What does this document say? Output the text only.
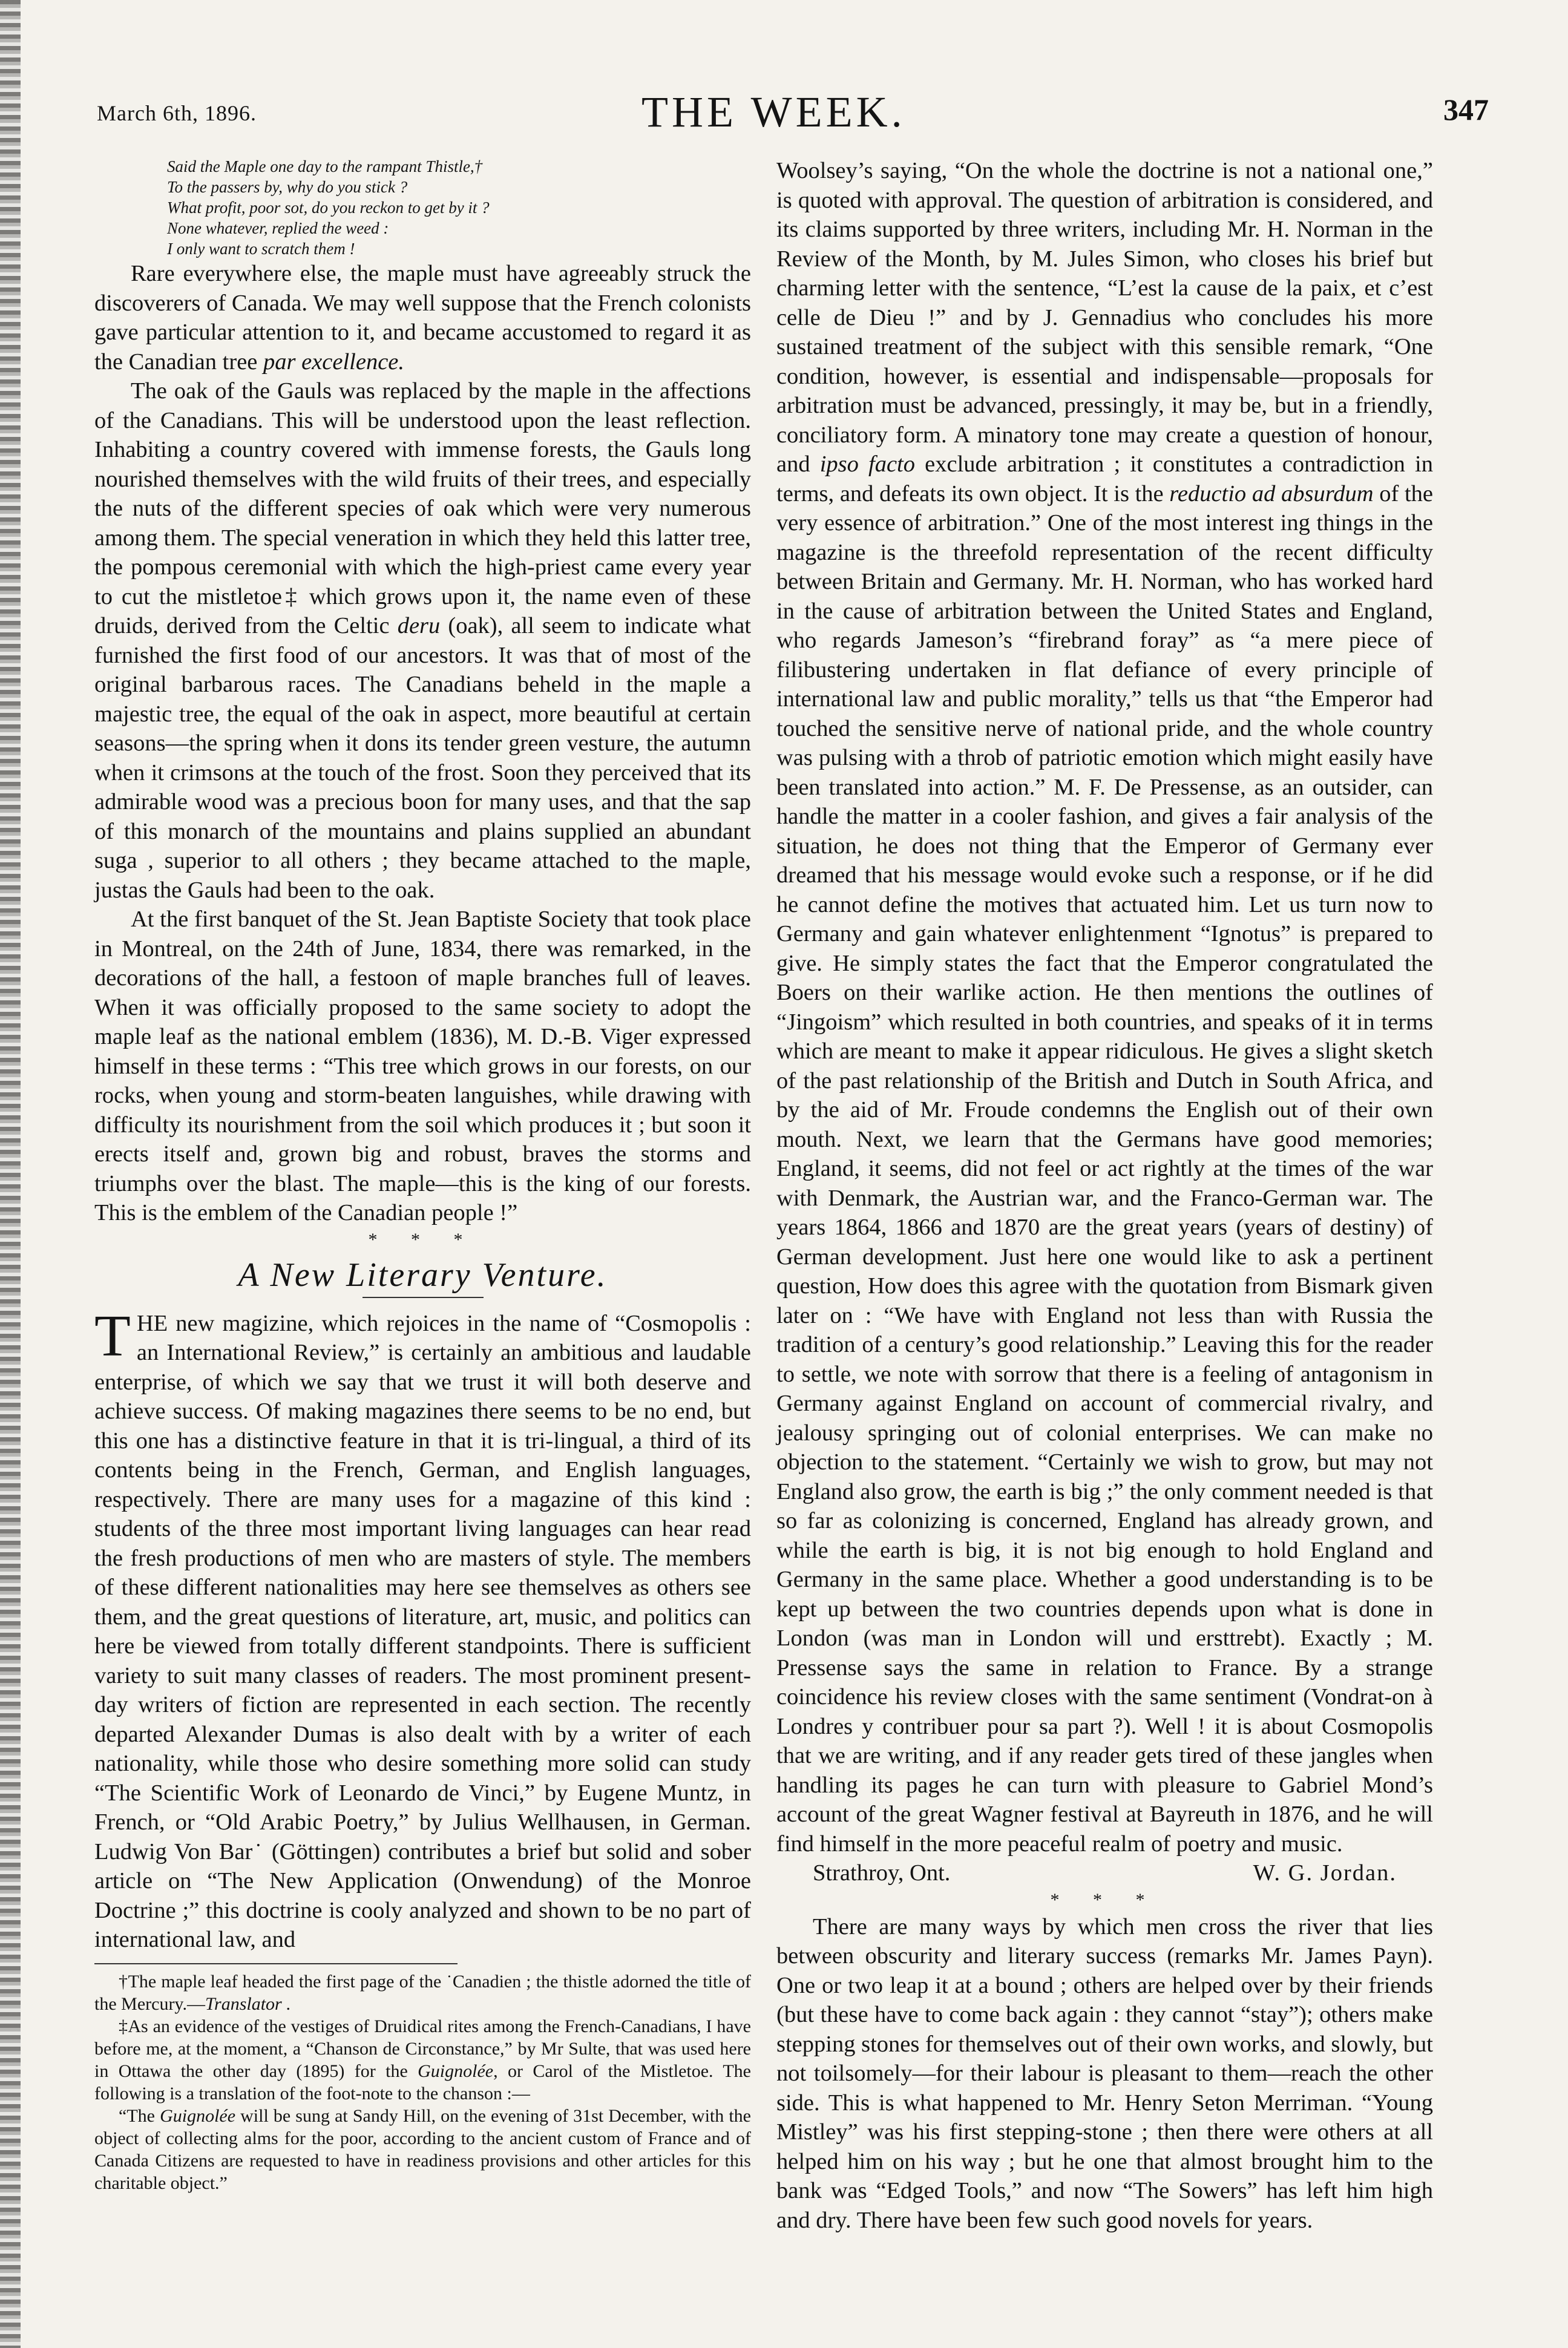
March 6th, 1896.	THE WEEK.	347
Said the Maple one day to the rampant Thistle,†
To the passers by, why do you stick ?
What profit, poor sot, do you reckon to get by it ?
None whatever, replied the weed :
I only want to scratch them !

Rare everywhere else, the maple must have agreeably struck the discoverers of Canada. We may well suppose that the French colonists gave particular attention to it, and became accustomed to regard it as the Canadian tree par excellence.

The oak of the Gauls was replaced by the maple in the affections of the Canadians. This will be understood upon the least reflection. Inhabiting a country covered with immense forests, the Gauls long nourished themselves with the wild fruits of their trees, and especially the nuts of the different species of oak which were very numerous among them. The special veneration in which they held this latter tree, the pompous ceremonial with which the high-priest came every year to cut the mistletoe‡ which grows upon it, the name even of these druids, derived from the Celtic deru (oak), all seem to indicate what furnished the first food of our ancestors. It was that of most of the original barbarous races. The Canadians beheld in the maple a majestic tree, the equal of the oak in aspect, more beautiful at certain seasons—the spring when it dons its tender green vesture, the autumn when it crimsons at the touch of the frost. Soon they perceived that its admirable wood was a precious boon for many uses, and that the sap of this monarch of the mountains and plains supplied an abundant suga , superior to all others ; they became attached to the maple, justas the Gauls had been to the oak.

At the first banquet of the St. Jean Baptiste Society that took place in Montreal, on the 24th of June, 1834, there was remarked, in the decorations of the hall, a festoon of maple branches full of leaves. When it was officially proposed to the same society to adopt the maple leaf as the national emblem (1836), M. D.-B. Viger expressed himself in these terms : “This tree which grows in our forests, on our rocks, when young and storm-beaten languishes, while drawing with difficulty its nourishment from the soil which produces it ; but soon it erects itself and, grown big and robust, braves the storms and triumphs over the blast. The maple—this is the king of our forests. This is the emblem of the Canadian people !”

* * *
A New Literary Venture.

THE new magizine, which rejoices in the name of “Cosmopolis : an International Review,” is certainly an ambitious and laudable enterprise, of which we say that we trust it will both deserve and achieve success. Of making magazines there seems to be no end, but this one has a distinctive feature in that it is tri-lingual, a third of its contents being in the French, German, and English languages, respectively. There are many uses for a magazine of this kind : students of the three most important living languages can hear read the fresh productions of men who are masters of style. The members of these different nationalities may here see themselves as others see them, and the great questions of literature, art, music, and politics can here be viewed from totally different standpoints. There is sufficient variety to suit many classes of readers. The most prominent present-day writers of fiction are represented in each section. The recently departed Alexander Dumas is also dealt with by a writer of each nationality, while those who desire something more solid can study “The Scientific Work of Leonardo de Vinci,” by Eugene Muntz, in French, or “Old Arabic Poetry,” by Julius Wellhausen, in German. Ludwig Von Bar˙ (Göttingen) contributes a brief but solid and sober article on “The New Application (Onwendung) of the Monroe Doctrine ;” this doctrine is cooly analyzed and shown to be no part of international law, and

†The maple leaf headed the first page of the ˙Canadien ; the thistle adorned the title of the Mercury.—Translator .

‡As an evidence of the vestiges of Druidical rites among the French-Canadians, I have before me, at the moment, a “Chanson de Circonstance,” by Mr Sulte, that was used here in Ottawa the other day (1895) for the Guignolée, or Carol of the Mistletoe. The following is a translation of the foot-note to the chanson :—

“The Guignolée will be sung at Sandy Hill, on the evening of 31st December, with the object of collecting alms for the poor, according to the ancient custom of France and of Canada Citizens are requested to have in readiness provisions and other articles for this charitable object.”

Woolsey’s saying, “On the whole the doctrine is not a national one,” is quoted with approval. The question of arbitration is considered, and its claims supported by three writers, including Mr. H. Norman in the Review of the Month, by M. Jules Simon, who closes his brief but charming letter with the sentence, “L’est la cause de la paix, et c’est celle de Dieu !” and by J. Gennadius who concludes his more sustained treatment of the subject with this sensible remark, “One condition, however, is essential and indispensable—proposals for arbitration must be advanced, pressingly, it may be, but in a friendly, conciliatory form. A minatory tone may create a question of honour, and ipso facto exclude arbitration ; it constitutes a contradiction in terms, and defeats its own object. It is the reductio ad absurdum of the very essence of arbitration.” One of the most interest ing things in the magazine is the threefold representation of the recent difficulty between Britain and Germany. Mr. H. Norman, who has worked hard in the cause of arbitration between the United States and England, who regards Jameson’s “firebrand foray” as “a mere piece of filibustering undertaken in flat defiance of every principle of international law and public morality,” tells us that “the Emperor had touched the sensitive nerve of national pride, and the whole country was pulsing with a throb of patriotic emotion which might easily have been translated into action.” M. F. De Pressense, as an outsider, can handle the matter in a cooler fashion, and gives a fair analysis of the situation, he does not thing that the Emperor of Germany ever dreamed that his message would evoke such a response, or if he did he cannot define the motives that actuated him. Let us turn now to Germany and gain whatever enlightenment “Ignotus” is prepared to give. He simply states the fact that the Emperor congratulated the Boers on their warlike action. He then mentions the outlines of “Jingoism” which resulted in both countries, and speaks of it in terms which are meant to make it appear ridiculous. He gives a slight sketch of the past relationship of the British and Dutch in South Africa, and by the aid of Mr. Froude condemns the English out of their own mouth. Next, we learn that the Germans have good memories; England, it seems, did not feel or act rightly at the times of the war with Denmark, the Austrian war, and the Franco-German war. The years 1864, 1866 and 1870 are the great years (years of destiny) of German development. Just here one would like to ask a pertinent question, How does this agree with the quotation from Bismark given later on : “We have with England not less than with Russia the tradition of a century’s good relationship.” Leaving this for the reader to settle, we note with sorrow that there is a feeling of antagonism in Germany against England on account of commercial rivalry, and jealousy springing out of colonial enterprises. We can make no objection to the statement. “Certainly we wish to grow, but may not England also grow, the earth is big ;” the only comment needed is that so far as colonizing is concerned, England has already grown, and while the earth is big, it is not big enough to hold England and Germany in the same place. Whether a good understanding is to be kept up between the two countries depends upon what is done in London (was man in London will und ersttrebt). Exactly ; M. Pressense says the same in relation to France. By a strange coincidence his review closes with the same sentiment (Vondrat-on à Londres y contribuer pour sa part ?). Well ! it is about Cosmopolis that we are writing, and if any reader gets tired of these jangles when handling its pages he can turn with pleasure to Gabriel Mond’s account of the great Wagner festival at Bayreuth in 1876, and he will find himself in the more peaceful realm of poetry and music.

Strathroy, Ont.	W. G. Jordan.

* * *

There are many ways by which men cross the river that lies between obscurity and literary success (remarks Mr. James Payn). One or two leap it at a bound ; others are helped over by their friends (but these have to come back again : they cannot “stay”); others make stepping stones for themselves out of their own works, and slowly, but not toilsomely—for their labour is pleasant to them—reach the other side. This is what happened to Mr. Henry Seton Merriman. “Young Mistley” was his first stepping-stone ; then there were others at all helped him on his way ; but he one that almost brought him to the bank was “Edged Tools,” and now “The Sowers” has left him high and dry. There have been few such good novels for years.
